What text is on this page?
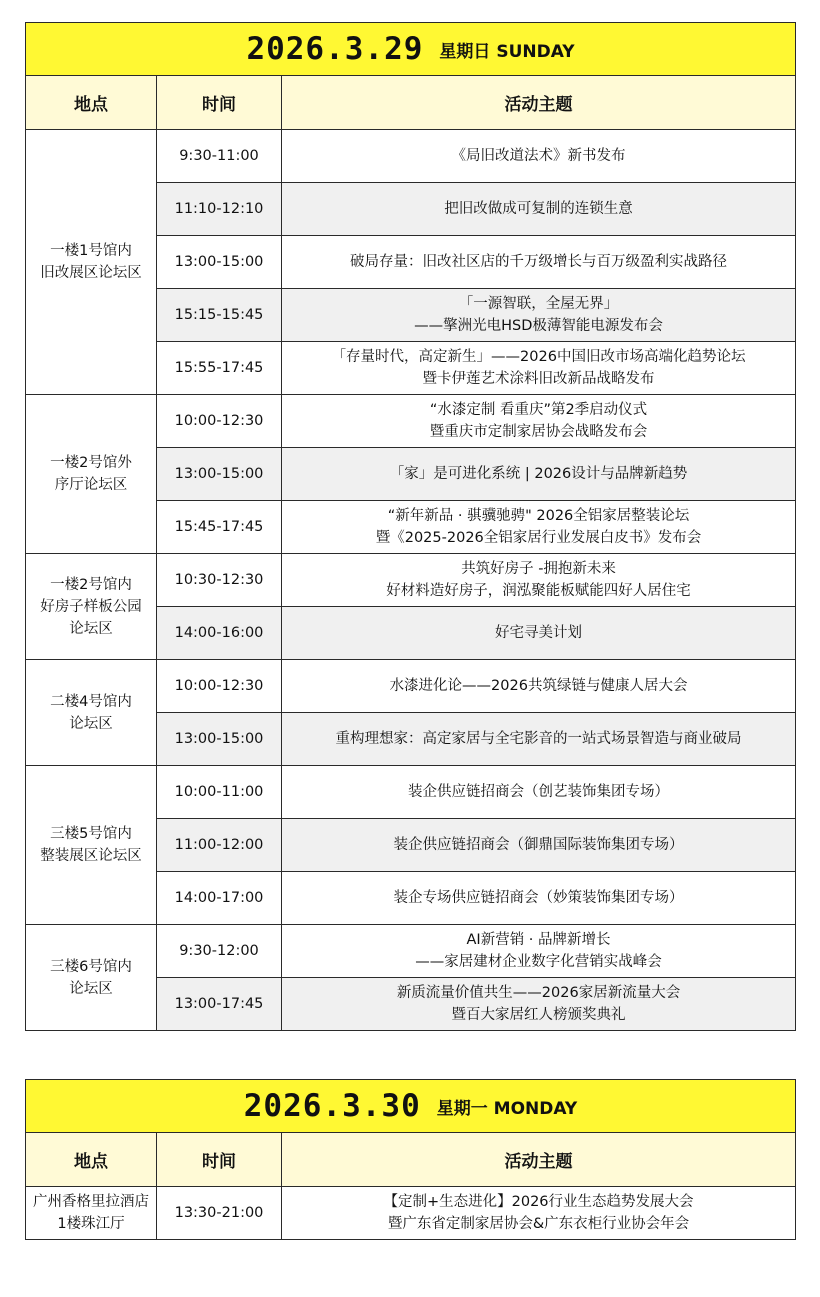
2026.3.29 星期日 SUNDAY		
地点	时间	活动主题

一楼1号馆内
旧改展区论坛区	9:30-11:00	《局旧改道法术》新书发布

	11:10-12:10	把旧改做成可复制的连锁生意

	13:00-15:00	破局存量：旧改社区店的千万级增长与百万级盈利实战路径

	15:15-15:45	「一源智联，全屋无界」
——擎洲光电HSD极薄智能电源发布会

	15:55-17:45	「存量时代，高定新生」——2026中国旧改市场高端化趋势论坛
暨卡伊莲艺术涂料旧改新品战略发布

一楼2号馆外
序厅论坛区	10:00-12:30	“水漆定制 看重庆”第2季启动仪式
暨重庆市定制家居协会战略发布会

	13:00-15:00	「家」是可进化系统 | 2026设计与品牌新趋势

	15:45-17:45	“新年新品 · 骐骥驰骋" 2026全铝家居整装论坛
暨《2025-2026全铝家居行业发展白皮书》发布会

一楼2号馆内
好房子样板公园
论坛区	10:30-12:30	共筑好房子 -拥抱新未来
好材料造好房子，润泓聚能板赋能四好人居住宅

	14:00-16:00	好宅寻美计划

二楼4号馆内
论坛区	10:00-12:30	水漆进化论——2026共筑绿链与健康人居大会

	13:00-15:00	重构理想家：高定家居与全宅影音的一站式场景智造与商业破局

三楼5号馆内
整装展区论坛区	10:00-11:00	装企供应链招商会（创艺装饰集团专场）

	11:00-12:00	装企供应链招商会（御鼎国际装饰集团专场）

	14:00-17:00	装企专场供应链招商会（妙策装饰集团专场）

三楼6号馆内
论坛区	9:30-12:00	AI新营销 · 品牌新增长
——家居建材企业数字化营销实战峰会

	13:00-17:45	新质流量价值共生——2026家居新流量大会
暨百大家居红人榜颁奖典礼
2026.3.30 星期一 MONDAY		
地点	时间	活动主题

广州香格里拉酒店
1楼珠江厅	13:30-21:00	【定制+生态进化】2026行业生态趋势发展大会
暨广东省定制家居协会&广东衣柜行业协会年会
